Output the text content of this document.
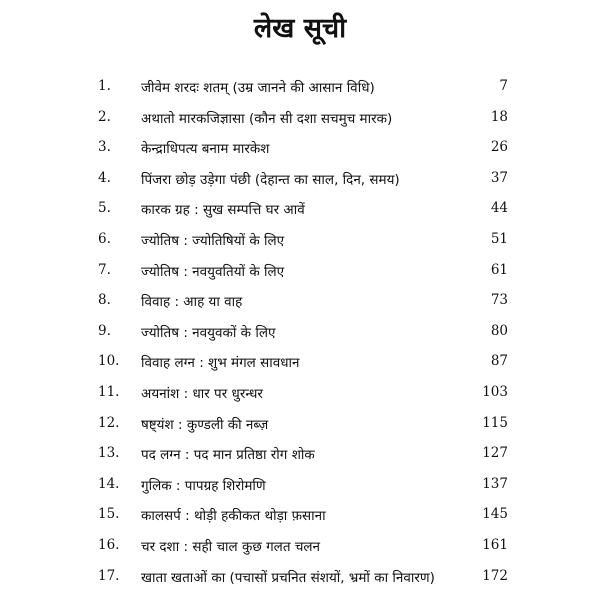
लेख सूची
1.	जीवेम शरदः शतम् (उम्र जानने की आसान विधि)	7
2.	अथातो मारकजिज्ञासा (कौन सी दशा सचमुच मारक)	18
3.	केन्द्राधिपत्य बनाम मारकेश	26
4.	पिंजरा छोड़ उड़ेगा पंछी (देहान्त का साल, दिन, समय)	37
5.	कारक ग्रह : सुख सम्पत्ति घर आवें	44
6.	ज्योतिष : ज्योतिषियों के लिए	51
7.	ज्योतिष : नवयुवतियों के लिए	61
8.	विवाह : आह या वाह	73
9.	ज्योतिष : नवयुवकों के लिए	80
10.	विवाह लग्न : शुभ मंगल सावधान	87
11.	अयनांश : धार पर धुरन्धर	103
12.	षष्ट्यंश : कुण्डली की नब्ज़	115
13.	पद लग्न : पद मान प्रतिष्ठा रोग शोक	127
14.	गुलिक : पापग्रह शिरोमणि	137
15.	कालसर्प : थोड़ी हकीकत थोड़ा फ़साना	145
16.	चर दशा : सही चाल कुछ गलत चलन	161
17.	खाता खताओं का (पचासों प्रचनित संशयों, भ्रमों का निवारण)	172
